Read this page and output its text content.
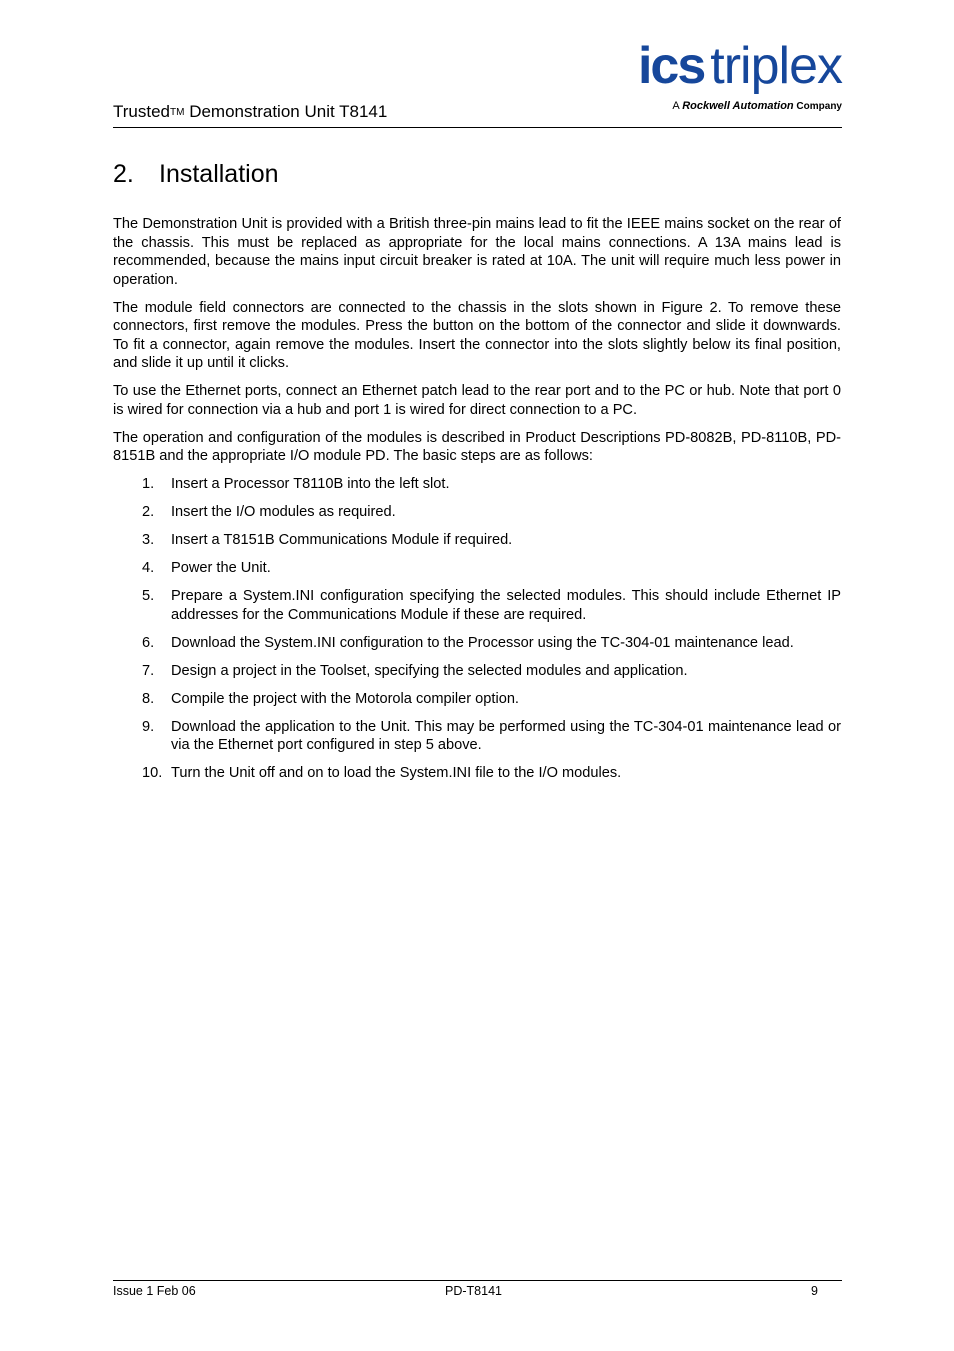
Trusted™ Demonstration Unit T8141
ics triplex
A Rockwell Automation Company
2. Installation

The Demonstration Unit is provided with a British three-pin mains lead to fit the IEEE mains socket on the rear of the chassis. This must be replaced as appropriate for the local mains connections. A 13A mains lead is recommended, because the mains input circuit breaker is rated at 10A. The unit will require much less power in operation.

The module field connectors are connected to the chassis in the slots shown in Figure 2. To remove these connectors, first remove the modules. Press the button on the bottom of the connector and slide it downwards. To fit a connector, again remove the modules. Insert the connector into the slots slightly below its final position, and slide it up until it clicks.

To use the Ethernet ports, connect an Ethernet patch lead to the rear port and to the PC or hub. Note that port 0 is wired for connection via a hub and port 1 is wired for direct connection to a PC.

The operation and configuration of the modules is described in Product Descriptions PD-8082B, PD-8110B, PD-8151B and the appropriate I/O module PD. The basic steps are as follows:

1. Insert a Processor T8110B into the left slot.
2. Insert the I/O modules as required.
3. Insert a T8151B Communications Module if required.
4. Power the Unit.
5. Prepare a System.INI configuration specifying the selected modules. This should include Ethernet IP addresses for the Communications Module if these are required.
6. Download the System.INI configuration to the Processor using the TC-304-01 maintenance lead.
7. Design a project in the Toolset, specifying the selected modules and application.
8. Compile the project with the Motorola compiler option.
9. Download the application to the Unit. This may be performed using the TC-304-01 maintenance lead or via the Ethernet port configured in step 5 above.
10. Turn the Unit off and on to load the System.INI file to the I/O modules.
Issue 1 Feb 06	PD-T8141	9
